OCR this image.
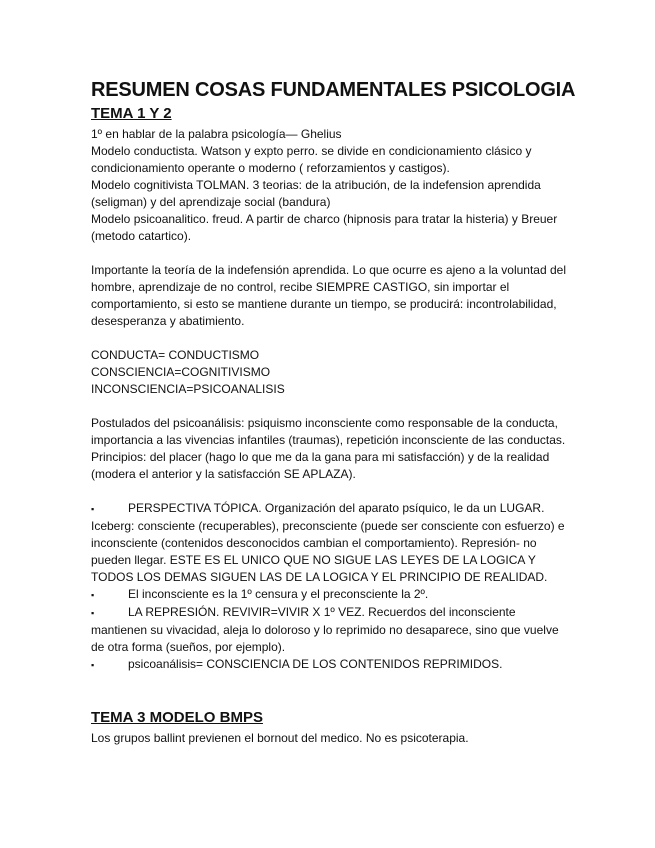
RESUMEN COSAS FUNDAMENTALES PSICOLOGIA
TEMA 1 Y 2

1º en hablar de la palabra psicología— Ghelius

Modelo conductista. Watson y expto perro. se divide en condicionamiento clásico y condicionamiento operante o moderno ( reforzamientos y castigos).

Modelo cognitivista TOLMAN. 3 teorias: de la atribución, de la indefension aprendida (seligman) y del aprendizaje social (bandura)

Modelo psicoanalitico. freud. A partir de charco (hipnosis para tratar la histeria) y Breuer (metodo catartico).

Importante la teoría de la indefensión aprendida. Lo que ocurre es ajeno a la voluntad del hombre, aprendizaje de no control, recibe SIEMPRE CASTIGO, sin importar el comportamiento, si esto se mantiene durante un tiempo, se producirá: incontrolabilidad, desesperanza y abatimiento.

CONDUCTA= CONDUCTISMO

CONSCIENCIA=COGNITIVISMO

INCONSCIENCIA=PSICOANALISIS

Postulados del psicoanálisis: psiquismo inconsciente como responsable de la conducta, importancia a las vivencias infantiles (traumas), repetición inconsciente de las conductas. Principios: del placer (hago lo que me da la gana para mi satisfacción) y de la realidad (modera el anterior y la satisfacción SE APLAZA).

▪	PERSPECTIVA TÓPICA. Organización del aparato psíquico, le da un LUGAR. Iceberg: consciente (recuperables), preconsciente (puede ser consciente con esfuerzo) e inconsciente (contenidos desconocidos cambian el comportamiento). Represión- no pueden llegar. ESTE ES EL UNICO QUE NO SIGUE LAS LEYES DE LA LOGICA Y TODOS LOS DEMAS SIGUEN LAS DE LA LOGICA Y EL PRINCIPIO DE REALIDAD.
▪	El inconsciente es la 1º censura y el preconsciente la 2º.
▪	LA REPRESIÓN. REVIVIR=VIVIR X 1º VEZ. Recuerdos del inconsciente mantienen su vivacidad, aleja lo doloroso y lo reprimido no desaparece, sino que vuelve de otra forma (sueños, por ejemplo).
▪	psicoanálisis= CONSCIENCIA DE LOS CONTENIDOS REPRIMIDOS.
TEMA 3 MODELO BMPS

Los grupos ballint previenen el bornout del medico. No es psicoterapia.
